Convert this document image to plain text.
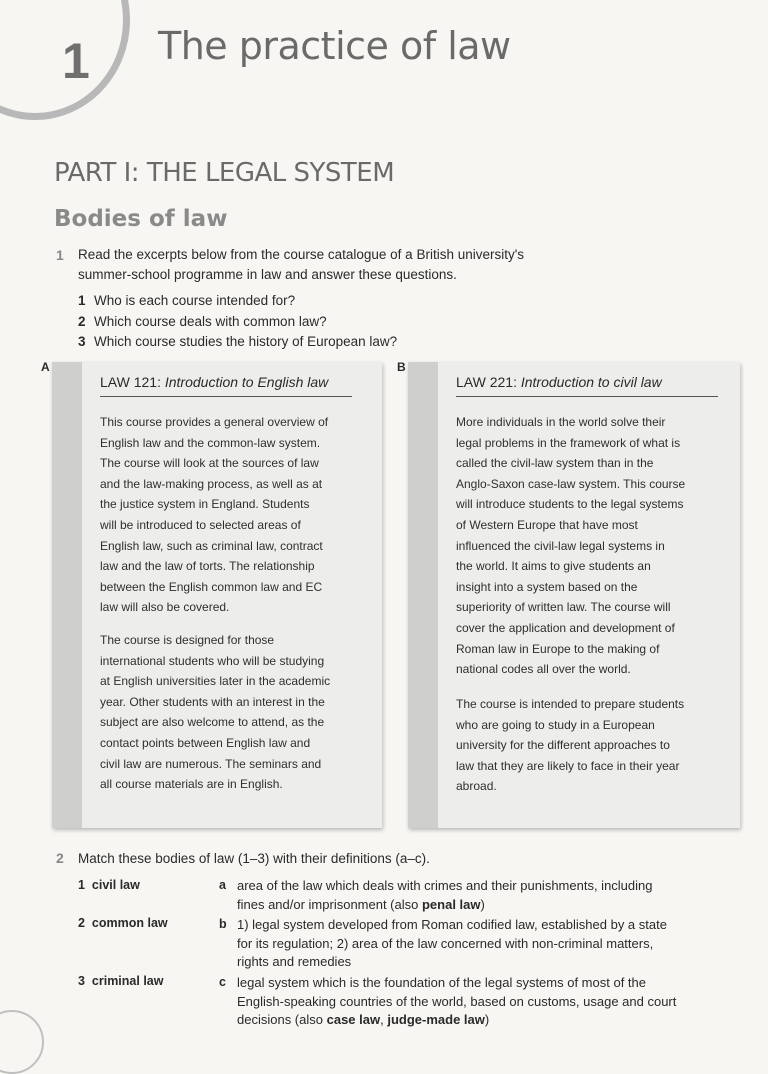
1 The practice of law
PART I: THE LEGAL SYSTEM
Bodies of law
1 Read the excerpts below from the course catalogue of a British university's
summer-school programme in law and answer these questions.
1 Who is each course intended for?
2 Which course deals with common law?
3 Which course studies the history of European law?
A
LAW 121: Introduction to English law
This course provides a general overview of
English law and the common-law system.
The course will look at the sources of law
and the law-making process, as well as at
the justice system in England. Students
will be introduced to selected areas of
English law, such as criminal law, contract
law and the law of torts. The relationship
between the English common law and EC
law will also be covered.
The course is designed for those
international students who will be studying
at English universities later in the academic
year. Other students with an interest in the
subject are also welcome to attend, as the
contact points between English law and
civil law are numerous. The seminars and
all course materials are in English.
B
LAW 221: Introduction to civil law
More individuals in the world solve their
legal problems in the framework of what is
called the civil-law system than in the
Anglo-Saxon case-law system. This course
will introduce students to the legal systems
of Western Europe that have most
influenced the civil-law legal systems in
the world. It aims to give students an
insight into a system based on the
superiority of written law. The course will
cover the application and development of
Roman law in Europe to the making of
national codes all over the world.
The course is intended to prepare students
who are going to study in a European
university for the different approaches to
law that they are likely to face in their year
abroad.
2 Match these bodies of law (1–3) with their definitions (a–c).
1 civil law
2 common law
3 criminal law
a area of the law which deals with crimes and their punishments, including
fines and/or imprisonment (also penal law)
b 1) legal system developed from Roman codified law, established by a state
for its regulation; 2) area of the law concerned with non-criminal matters,
rights and remedies
c legal system which is the foundation of the legal systems of most of the
English-speaking countries of the world, based on customs, usage and court
decisions (also case law, judge-made law)
